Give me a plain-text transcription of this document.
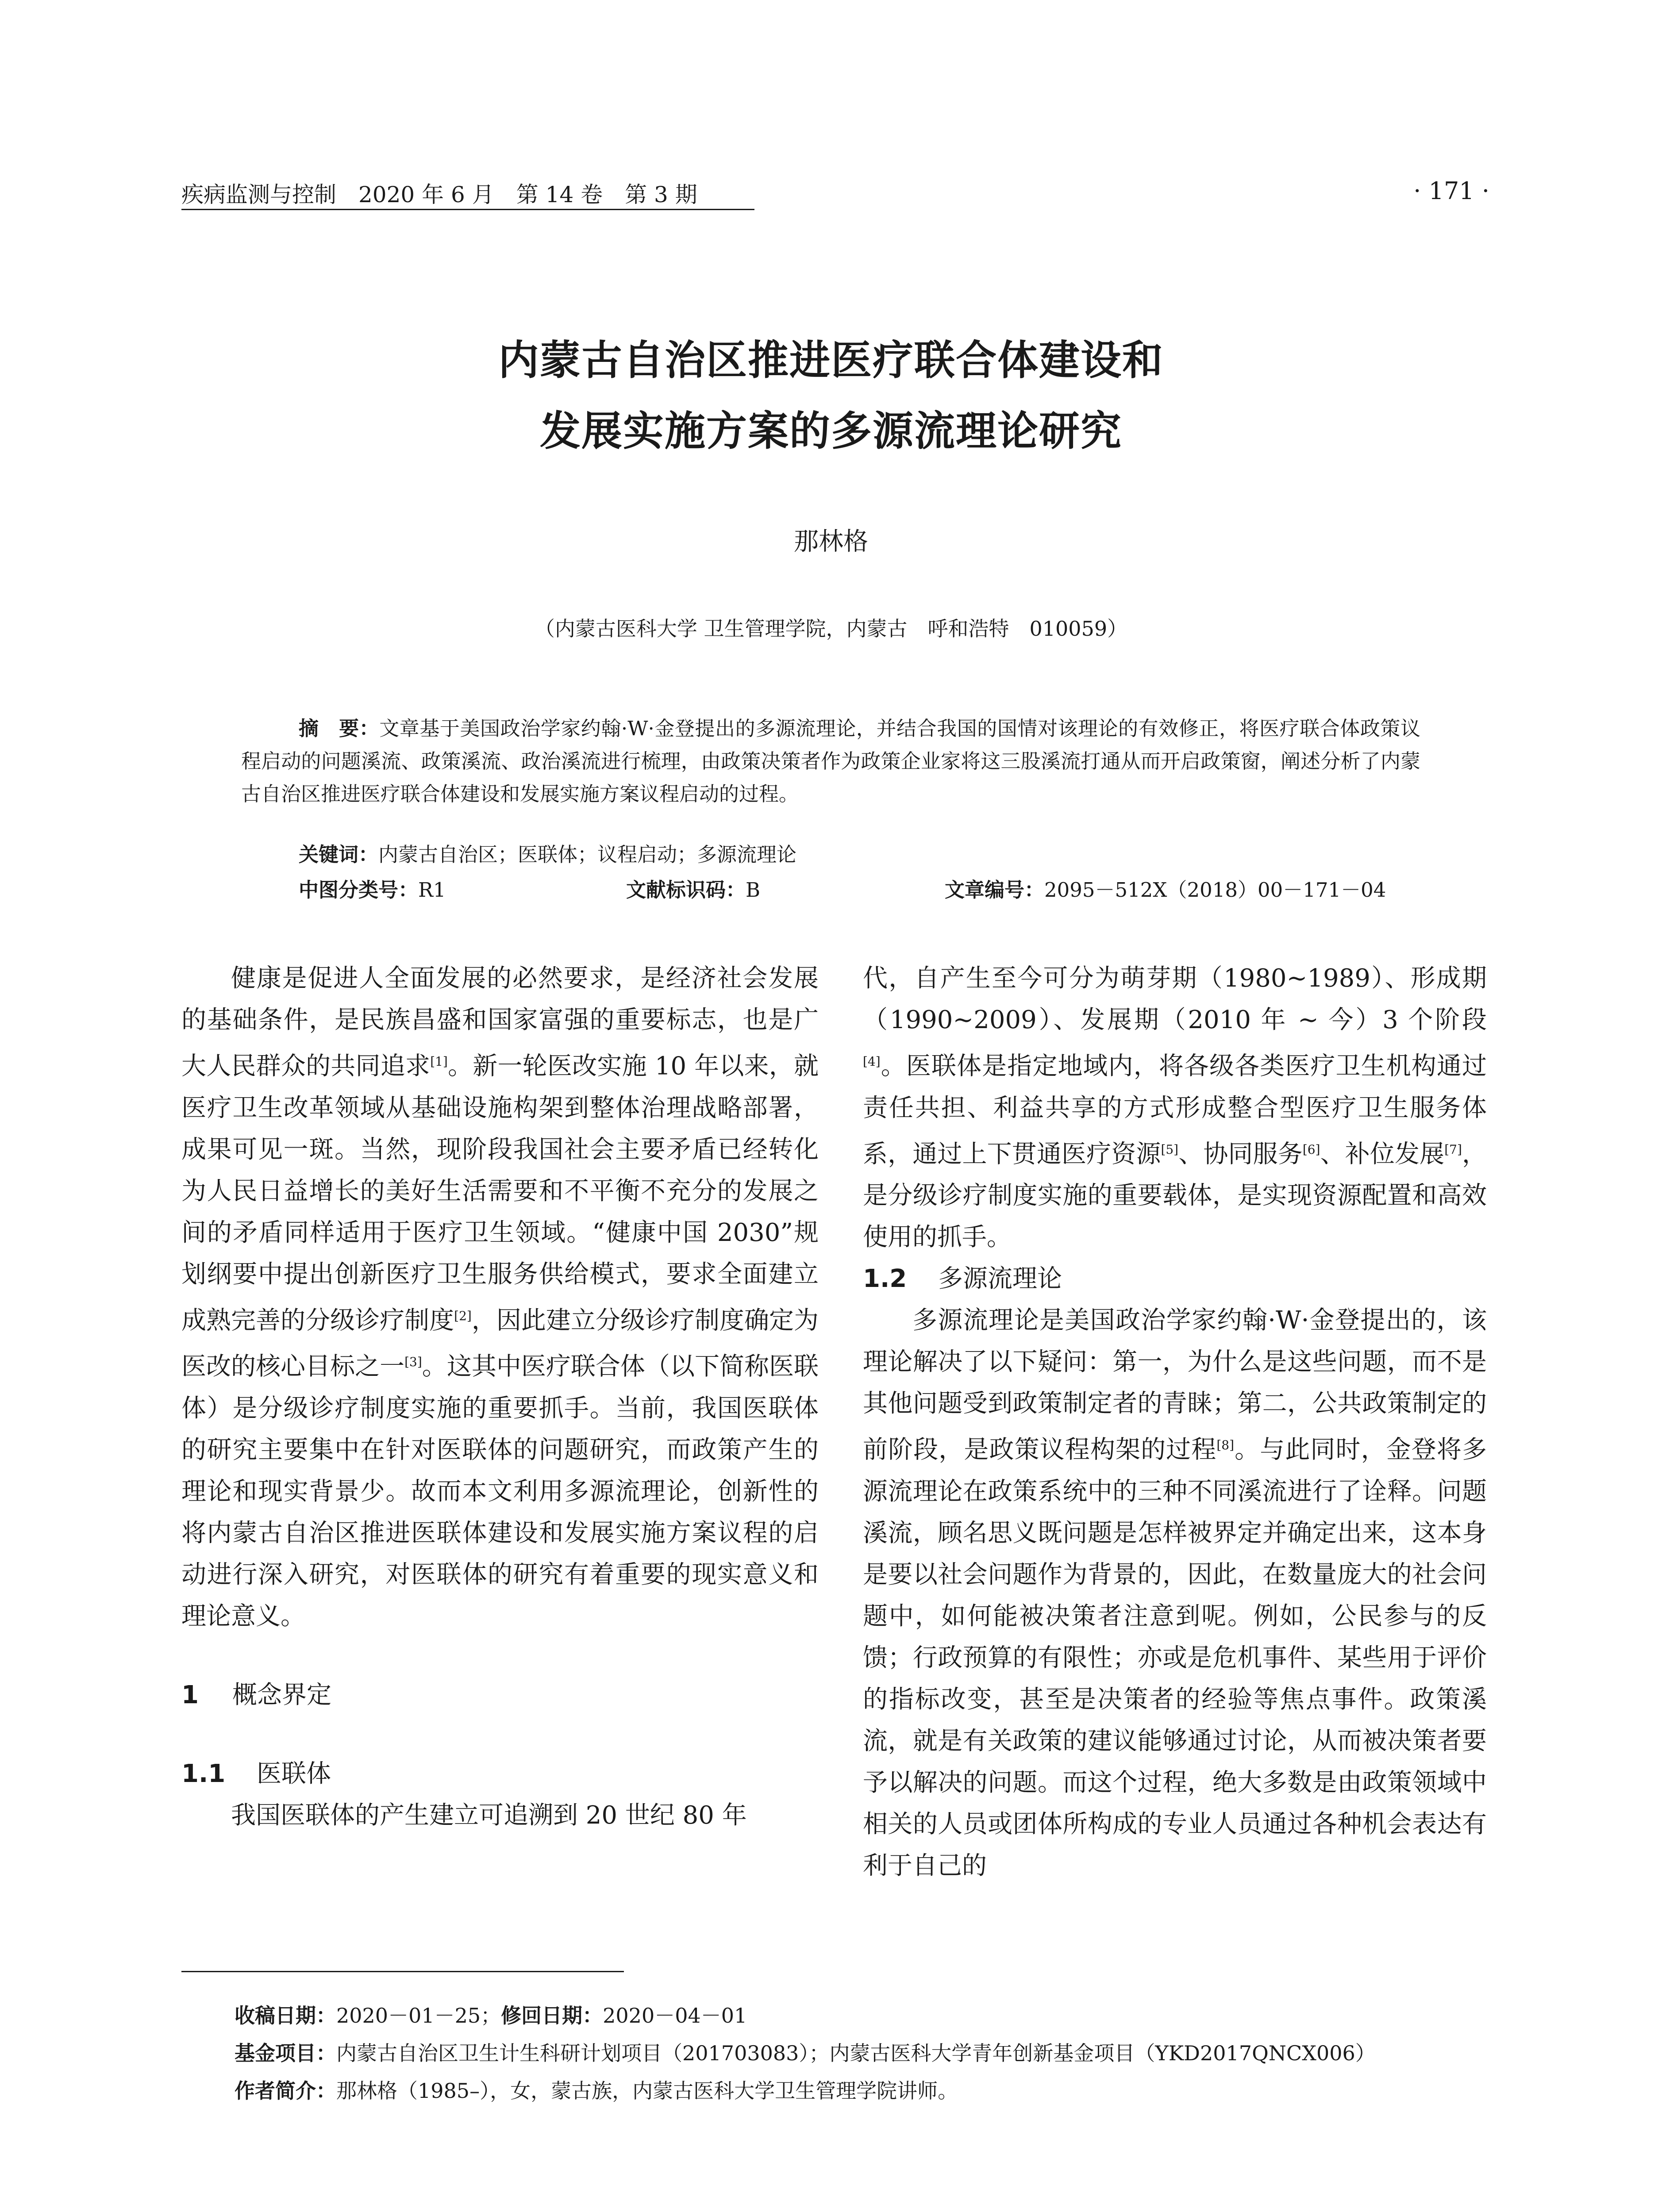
疾病监测与控制　2020 年 6 月　第 14 卷　第 3 期	· 171 ·
内蒙古自治区推进医疗联合体建设和
发展实施方案的多源流理论研究
那林格
（内蒙古医科大学 卫生管理学院，内蒙古　呼和浩特　010059）
摘　要：文章基于美国政治学家约翰·W·金登提出的多源流理论，并结合我国的国情对该理论的有效修正，将医疗联合体政策议程启动的问题溪流、政策溪流、政治溪流进行梳理，由政策决策者作为政策企业家将这三股溪流打通从而开启政策窗，阐述分析了内蒙古自治区推进医疗联合体建设和发展实施方案议程启动的过程。
关键词：内蒙古自治区；医联体；议程启动；多源流理论
中图分类号：R1	文献标识码：B	文章编号：2095－512X（2018）00－171－04

健康是促进人全面发展的必然要求，是经济社会发展的基础条件，是民族昌盛和国家富强的重要标志，也是广大人民群众的共同追求[1]。新一轮医改实施 10 年以来，就医疗卫生改革领域从基础设施构架到整体治理战略部署，成果可见一斑。当然，现阶段我国社会主要矛盾已经转化为人民日益增长的美好生活需要和不平衡不充分的发展之间的矛盾同样适用于医疗卫生领域。“健康中国 2030”规划纲要中提出创新医疗卫生服务供给模式，要求全面建立成熟完善的分级诊疗制度[2]，因此建立分级诊疗制度确定为医改的核心目标之一[3]。这其中医疗联合体（以下简称医联体）是分级诊疗制度实施的重要抓手。当前，我国医联体的研究主要集中在针对医联体的问题研究，而政策产生的理论和现实背景少。故而本文利用多源流理论，创新性的将内蒙古自治区推进医联体建设和发展实施方案议程的启动进行深入研究，对医联体的研究有着重要的现实意义和理论意义。

1 概念界定

1.1 医联体

我国医联体的产生建立可追溯到 20 世纪 80 年

代，自产生至今可分为萌芽期（1980~1989）、形成期（1990~2009）、发展期（2010 年 ~ 今）3 个阶段[4]。医联体是指定地域内，将各级各类医疗卫生机构通过责任共担、利益共享的方式形成整合型医疗卫生服务体系，通过上下贯通医疗资源[5]、协同服务[6]、补位发展[7]，是分级诊疗制度实施的重要载体，是实现资源配置和高效使用的抓手。

1.2 多源流理论

多源流理论是美国政治学家约翰·W·金登提出的，该理论解决了以下疑问：第一，为什么是这些问题，而不是其他问题受到政策制定者的青睐；第二，公共政策制定的前阶段，是政策议程构架的过程[8]。与此同时，金登将多源流理论在政策系统中的三种不同溪流进行了诠释。问题溪流，顾名思义既问题是怎样被界定并确定出来，这本身是要以社会问题作为背景的，因此，在数量庞大的社会问题中，如何能被决策者注意到呢。例如，公民参与的反馈；行政预算的有限性；亦或是危机事件、某些用于评价的指标改变，甚至是决策者的经验等焦点事件。政策溪流，就是有关政策的建议能够通过讨论，从而被决策者要予以解决的问题。而这个过程，绝大多数是由政策领域中相关的人员或团体所构成的专业人员通过各种机会表达有利于自己的

收稿日期：2020－01－25；修回日期：2020－04－01
基金项目：内蒙古自治区卫生计生科研计划项目（201703083）；内蒙古医科大学青年创新基金项目（YKD2017QNCX006）
作者简介：那林格（1985–），女，蒙古族，内蒙古医科大学卫生管理学院讲师。
